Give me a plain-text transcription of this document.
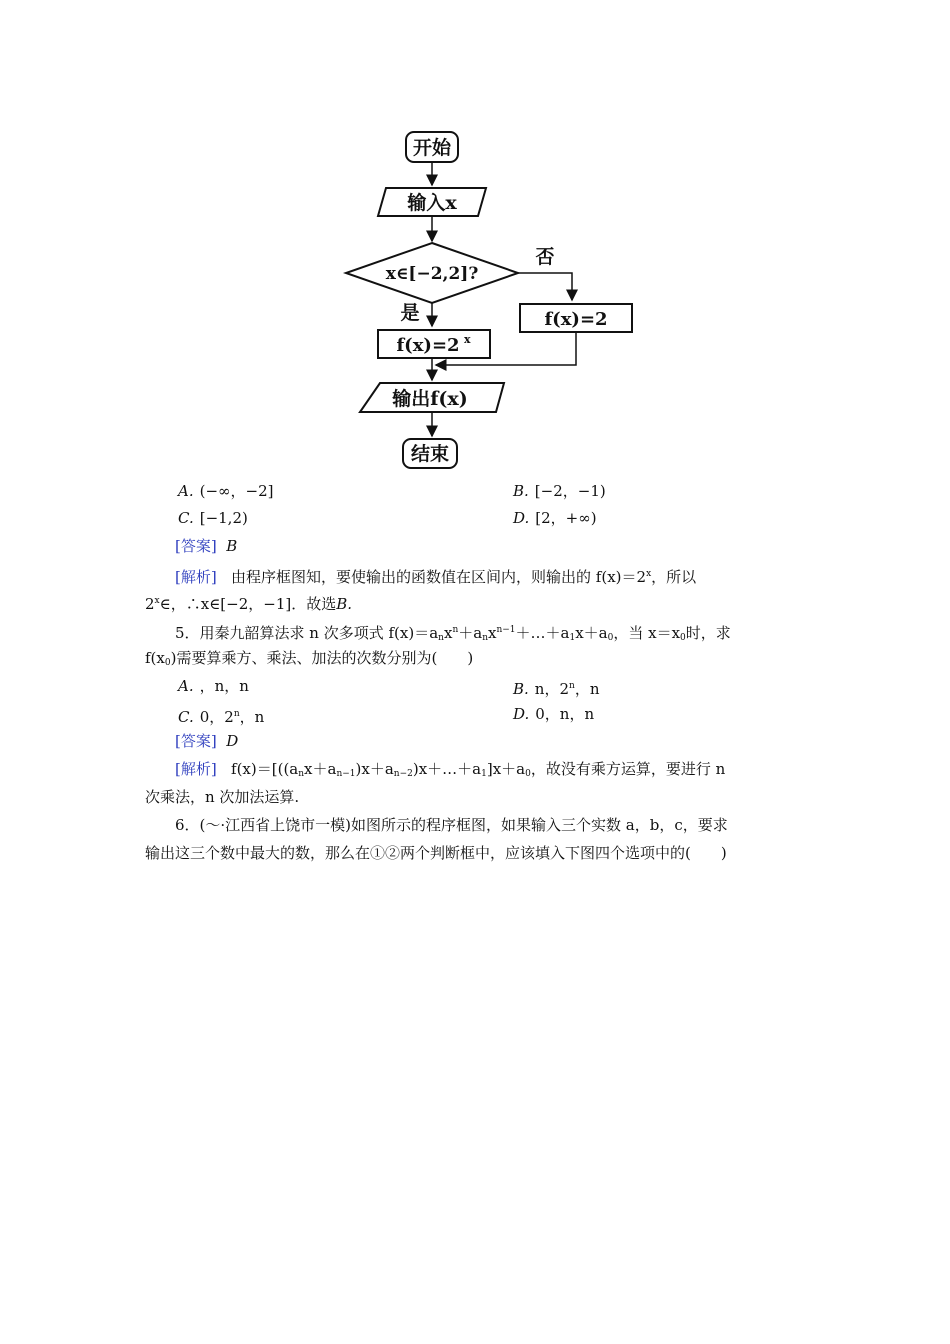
开始
输入x
x∈[−2,2]?
否
f(x)=2
是
f(x)=2 x
输出f(x)
结束
A. (−∞，−2]	B. [−2，−1)
C. [−1,2)	D. [2，+∞)
[答案] B
[解析] 由程序框图知，要使输出的函数值在区间内，则输出的 $f(x)=2^x$，所以
2$^x$∈，∴x∈[−2，−1]．故选B.
5．用秦九韶算法求 n 次多项式 $f(x)=a_nx^n+a_nx^{n-1}+\dots+a_1x+a_0$，当 $x=x_0$时，求
$f(x_0)$需要算乘方、乘法、加法的次数分别为(　　)
A. ，n，n	B. n，2$^n$，n
C. 0，2$^n$，n	D. 0，n，n
[答案] D
[解析] $f(x)=[((a_nx+a_{n-1})x+a_{n-2})x+\dots+a_1]x+a_0$，故没有乘方运算，要进行 n
次乘法，n 次加法运算.
6．(～·江西省上饶市一模)如图所示的程序框图，如果输入三个实数 a，b，c，要求
输出这三个数中最大的数，那么在①②两个判断框中，应该填入下图四个选项中的(　　)
